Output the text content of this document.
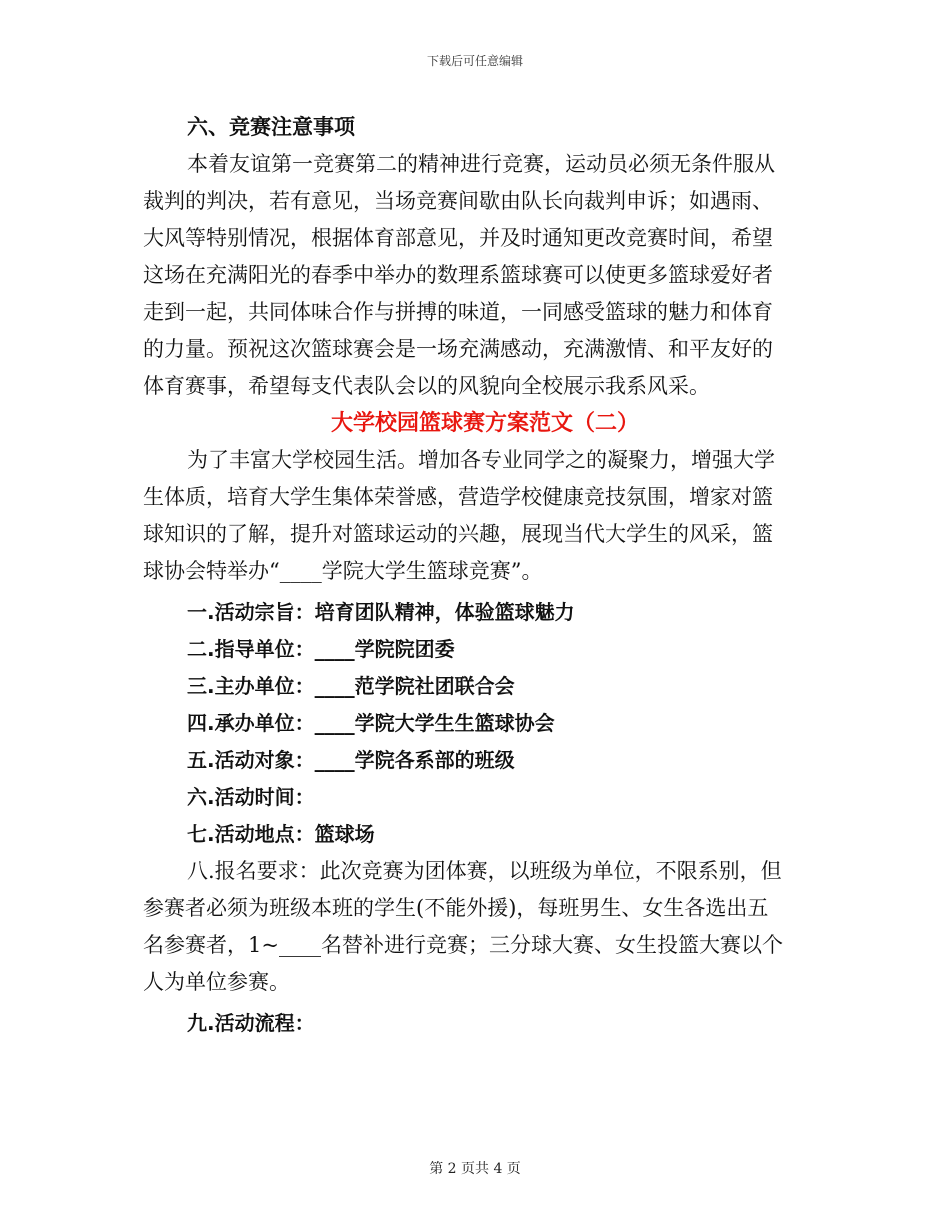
下载后可任意编辑
六、竞赛注意事项
本着友谊第一竞赛第二的精神进行竞赛，运动员必须无条件服从
裁判的判决，若有意见，当场竞赛间歇由队长向裁判申诉；如遇雨、
大风等特别情况，根据体育部意见，并及时通知更改竞赛时间，希望
这场在充满阳光的春季中举办的数理系篮球赛可以使更多篮球爱好者
走到一起，共同体味合作与拼搏的味道，一同感受篮球的魅力和体育
的力量。预祝这次篮球赛会是一场充满感动，充满激情、和平友好的
体育赛事，希望每支代表队会以的风貌向全校展示我系风采。
大学校园篮球赛方案范文（二）
为了丰富大学校园生活。增加各专业同学之的凝聚力，增强大学
生体质，培育大学生集体荣誉感，营造学校健康竞技氛围，增家对篮
球知识的了解，提升对篮球运动的兴趣，展现当代大学生的风采，篮
球协会特举办“____学院大学生篮球竞赛”。
一.活动宗旨：培育团队精神，体验篮球魅力
二.指导单位：____学院院团委
三.主办单位：____范学院社团联合会
四.承办单位：____学院大学生生篮球协会
五.活动对象：____学院各系部的班级
六.活动时间：
七.活动地点：篮球场
八.报名要求：此次竞赛为团体赛，以班级为单位，不限系别，但
参赛者必须为班级本班的学生(不能外援)，每班男生、女生各选出五
名参赛者，1~____名替补进行竞赛；三分球大赛、女生投篮大赛以个
人为单位参赛。
九.活动流程：
第 2 页共 4 页
